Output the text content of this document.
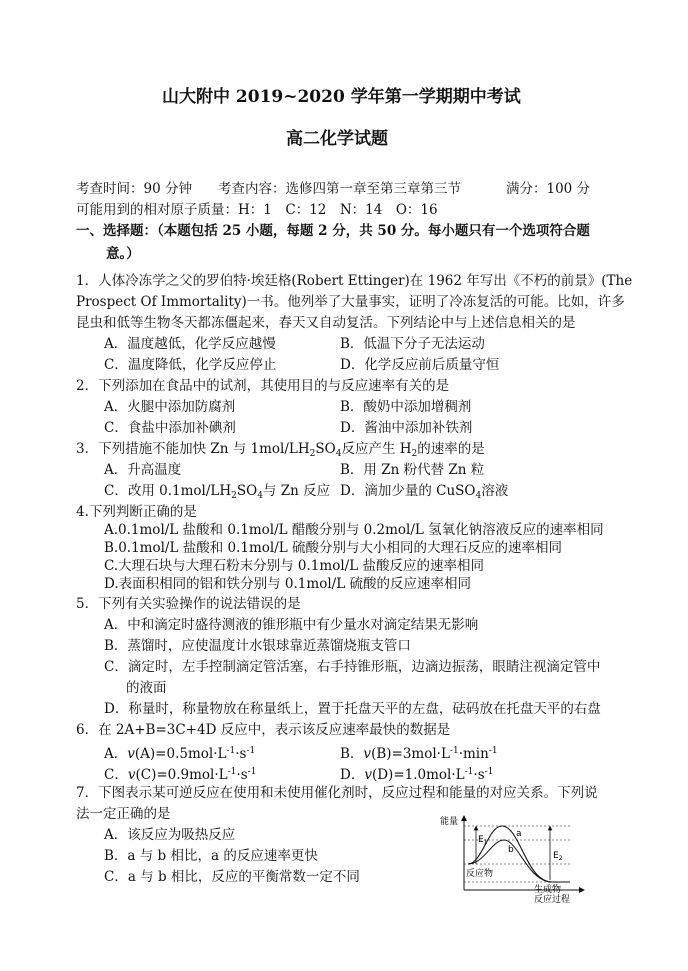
山大附中 2019~2020 学年第一学期期中考试
高二化学试题
考查时间：90 分钟 考查内容：选修四第一章至第三章第三节	满分：100 分
可能用到的相对原子质量：H：1　C：12　N：14　O：16
一、选择题：（本题包括 25 小题，每题 2 分，共 50 分。每小题只有一个选项符合题
意。）
1．人体冷冻学之父的罗伯特·埃廷格(Robert Ettinger)在 1962 年写出《不朽的前景》(The
Prospect Of Immortality)一书。他列举了大量事实，证明了冷冻复活的可能。比如，许多
昆虫和低等生物冬天都冻僵起来，春天又自动复活。下列结论中与上述信息相关的是
A．温度越低，化学反应越慢	B．低温下分子无法运动
C．温度降低，化学反应停止	D．化学反应前后质量守恒
2．下列添加在食品中的试剂，其使用目的与反应速率有关的是
A．火腿中添加防腐剂	B．酸奶中添加增稠剂
C．食盐中添加补碘剂	D．酱油中添加补铁剂
3．下列措施不能加快 Zn 与 $1mol/LH_2SO_4$反应产生 $H_2$的速率的是
A．升高温度	B．用 Zn 粉代替 Zn 粒
C．改用 $0.1mol/LH_2SO_4$与 Zn 反应 D．滴加少量的 CuSO$_4$溶液
4.下列判断正确的是
A.0.1mol/L 盐酸和 0.1mol/L 醋酸分别与 0.2mol/L 氢氧化钠溶液反应的速率相同
B.0.1mol/L 盐酸和 0.1mol/L 硫酸分别与大小相同的大理石反应的速率相同
C.大理石块与大理石粉末分别与 0.1mol/L 盐酸反应的速率相同
D.表面积相同的铝和铁分别与 0.1mol/L 硫酸的反应速率相同
5．下列有关实验操作的说法错误的是
A．中和滴定时盛待测液的锥形瓶中有少量水对滴定结果无影响
B．蒸馏时，应使温度计水银球靠近蒸馏烧瓶支管口
C．滴定时，左手控制滴定管活塞，右手持锥形瓶，边滴边振荡，眼睛注视滴定管中
的液面
D．称量时，称量物放在称量纸上，置于托盘天平的左盘，砝码放在托盘天平的右盘
6．在 2A+B=3C+4D 反应中，表示该反应速率最快的数据是
A．$v(A)=0.5mol\cdot L^{-1}\cdot s^{-1}$	B．$v(B)=3mol\cdot L^{-1}\cdot\min^{-1}$
C．$v(C)=0.9mol\cdot L^{-1}\cdot s^{-1}$	D．$v(D)=1.0mol\cdot L^{-1}\cdot s^{-1}$
7．下图表示某可逆反应在使用和未使用催化剂时，反应过程和能量的对应关系。下列说
法一定正确的是
A．该反应为吸热反应
B．a 与 b 相比，a 的反应速率更快
C．a 与 b 相比，反应的平衡常数一定不同
能量
反应过程
a
b
$E_1$
$E_2$
反应物
生成物
